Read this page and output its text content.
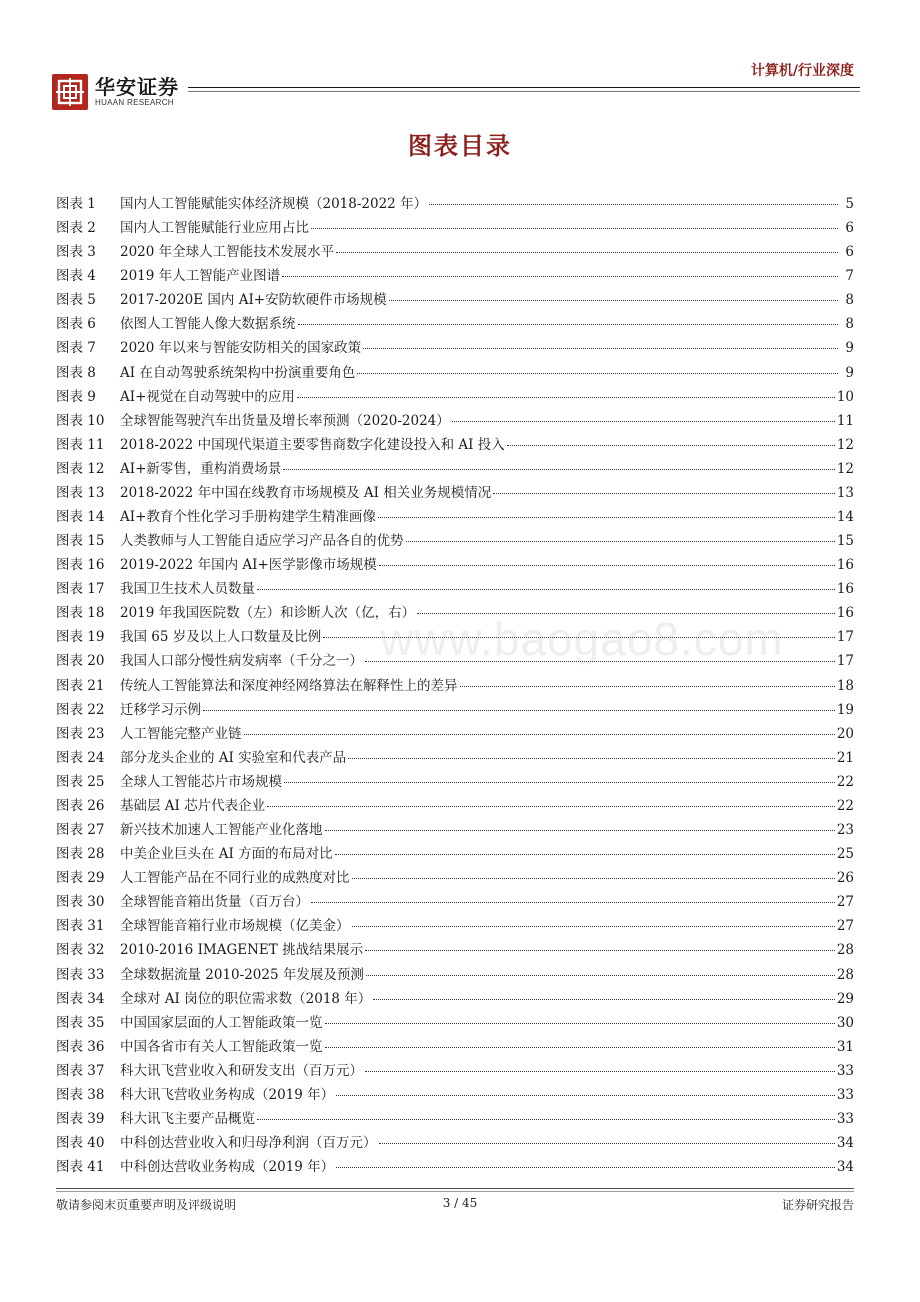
华安证券
HUAAN RESEARCH
计算机/行业深度
图表目录
图表 1	国内人工智能赋能实体经济规模（2018-2022 年）	5
图表 2	国内人工智能赋能行业应用占比	6
图表 3	2020 年全球人工智能技术发展水平	6
图表 4	2019 年人工智能产业图谱	7
图表 5	2017-2020E 国内 AI+安防软硬件市场规模	8
图表 6	依图人工智能人像大数据系统	8
图表 7	2020 年以来与智能安防相关的国家政策	9
图表 8	AI 在自动驾驶系统架构中扮演重要角色	9
图表 9	AI+视觉在自动驾驶中的应用	10
图表 10	全球智能驾驶汽车出货量及增长率预测（2020-2024）	11
图表 11	2018-2022 中国现代渠道主要零售商数字化建设投入和 AI 投入	12
图表 12	AI+新零售，重构消费场景	12
图表 13	2018-2022 年中国在线教育市场规模及 AI 相关业务规模情况	13
图表 14	AI+教育个性化学习手册构建学生精准画像	14
图表 15	人类教师与人工智能自适应学习产品各自的优势	15
图表 16	2019-2022 年国内 AI+医学影像市场规模	16
图表 17	我国卫生技术人员数量	16
图表 18	2019 年我国医院数（左）和诊断人次（亿，右）	16
图表 19	我国 65 岁及以上人口数量及比例	17
图表 20	我国人口部分慢性病发病率（千分之一）	17
图表 21	传统人工智能算法和深度神经网络算法在解释性上的差异	18
图表 22	迁移学习示例	19
图表 23	人工智能完整产业链	20
图表 24	部分龙头企业的 AI 实验室和代表产品	21
图表 25	全球人工智能芯片市场规模	22
图表 26	基础层 AI 芯片代表企业	22
图表 27	新兴技术加速人工智能产业化落地	23
图表 28	中美企业巨头在 AI 方面的布局对比	25
图表 29	人工智能产品在不同行业的成熟度对比	26
图表 30	全球智能音箱出货量（百万台）	27
图表 31	全球智能音箱行业市场规模（亿美金）	27
图表 32	2010-2016 IMAGENET 挑战结果展示	28
图表 33	全球数据流量 2010-2025 年发展及预测	28
图表 34	全球对 AI 岗位的职位需求数（2018 年）	29
图表 35	中国国家层面的人工智能政策一览	30
图表 36	中国各省市有关人工智能政策一览	31
图表 37	科大讯飞营业收入和研发支出（百万元）	33
图表 38	科大讯飞营收业务构成（2019 年）	33
图表 39	科大讯飞主要产品概览	33
图表 40	中科创达营业收入和归母净利润（百万元）	34
图表 41	中科创达营收业务构成（2019 年）	34
www.baogao8.com
敬请参阅末页重要声明及评级说明	3 / 45	证券研究报告
